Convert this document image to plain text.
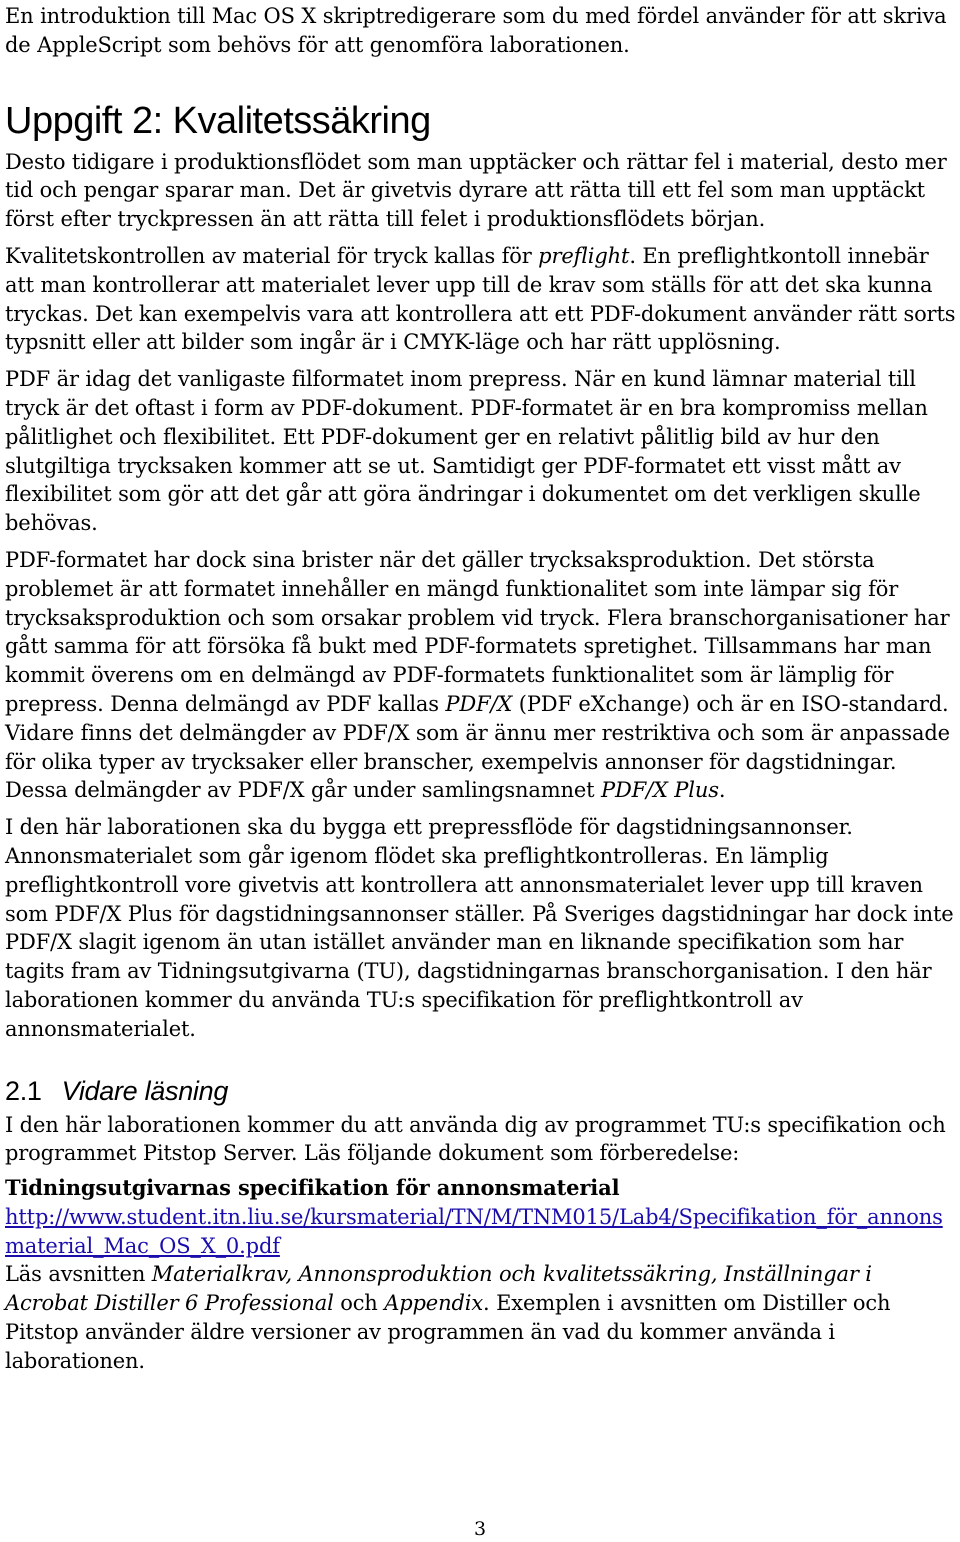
En introduktion till Mac OS X skriptredigerare som du med fördel använder för att skriva de AppleScript som behövs för att genomföra laborationen.

Uppgift 2: Kvalitetssäkring

Desto tidigare i produktionsflödet som man upptäcker och rättar fel i material, desto mer tid och pengar sparar man. Det är givetvis dyrare att rätta till ett fel som man upptäckt först efter tryckpressen än att rätta till felet i produktionsflödets början.

Kvalitetskontrollen av material för tryck kallas för preflight. En preflightkontoll innebär att man kontrollerar att materialet lever upp till de krav som ställs för att det ska kunna tryckas. Det kan exempelvis vara att kontrollera att ett PDF-dokument använder rätt sorts typsnitt eller att bilder som ingår är i CMYK-läge och har rätt upplösning.

PDF är idag det vanligaste filformatet inom prepress. När en kund lämnar material till tryck är det oftast i form av PDF-dokument. PDF-formatet är en bra kompromiss mellan pålitlighet och flexibilitet. Ett PDF-dokument ger en relativt pålitlig bild av hur den slutgiltiga trycksaken kommer att se ut. Samtidigt ger PDF-formatet ett visst mått av flexibilitet som gör att det går att göra ändringar i dokumentet om det verkligen skulle behövas.

PDF-formatet har dock sina brister när det gäller trycksaksproduktion. Det största problemet är att formatet innehåller en mängd funktionalitet som inte lämpar sig för trycksaksproduktion och som orsakar problem vid tryck. Flera branschorganisationer har gått samma för att försöka få bukt med PDF-formatets spretighet. Tillsammans har man kommit överens om en delmängd av PDF-formatets funktionalitet som är lämplig för prepress. Denna delmängd av PDF kallas PDF/X (PDF eXchange) och är en ISO-standard. Vidare finns det delmängder av PDF/X som är ännu mer restriktiva och som är anpassade för olika typer av trycksaker eller branscher, exempelvis annonser för dagstidningar. Dessa delmängder av PDF/X går under samlingsnamnet PDF/X Plus.

I den här laborationen ska du bygga ett prepressflöde för dagstidningsannonser. Annonsmaterialet som går igenom flödet ska preflightkontrolleras. En lämplig preflightkontroll vore givetvis att kontrollera att annonsmaterialet lever upp till kraven som PDF/X Plus för dagstidningsannonser ställer. På Sveriges dagstidningar har dock inte PDF/X slagit igenom än utan istället använder man en liknande specifikation som har tagits fram av Tidningsutgivarna (TU), dagstidningarnas branschorganisation. I den här laborationen kommer du använda TU:s specifikation för preflightkontroll av annonsmaterialet.

2.1 Vidare läsning

I den här laborationen kommer du att använda dig av programmet TU:s specifikation och programmet Pitstop Server. Läs följande dokument som förberedelse:

Tidningsutgivarnas specifikation för annonsmaterial

http://www.student.itn.liu.se/kursmaterial/TN/M/TNM015/Lab4/Specifikation_för_annonsmaterial_Mac_OS_X_0.pdf

Läs avsnitten Materialkrav, Annonsproduktion och kvalitetssäkring, Inställningar i Acrobat Distiller 6 Professional och Appendix. Exemplen i avsnitten om Distiller och Pitstop använder äldre versioner av programmen än vad du kommer använda i laborationen.

3
